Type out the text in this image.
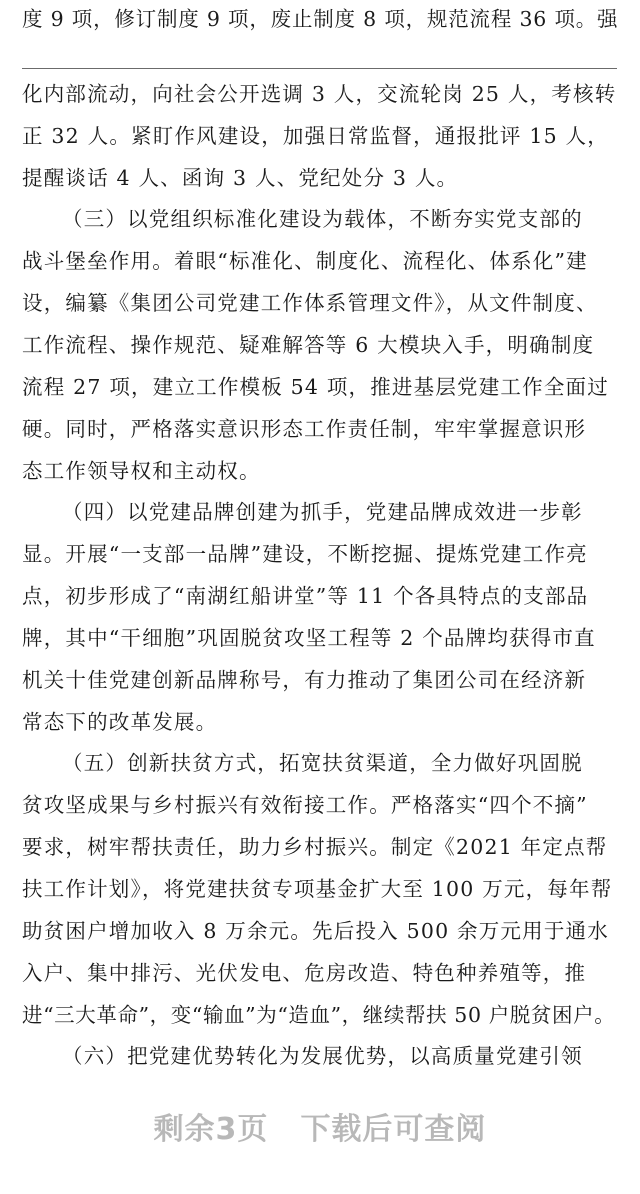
度 9 项，修订制度 9 项，废止制度 8 项，规范流程 36 项。强
化内部流动，向社会公开选调 3 人，交流轮岗 25 人，考核转
正 32 人。紧盯作风建设，加强日常监督，通报批评 15 人，
提醒谈话 4 人、函询 3 人、党纪处分 3 人。
（三）以党组织标准化建设为载体，不断夯实党支部的
战斗堡垒作用。着眼“标准化、制度化、流程化、体系化”建
设，编纂《集团公司党建工作体系管理文件》，从文件制度、
工作流程、操作规范、疑难解答等 6 大模块入手，明确制度
流程 27 项，建立工作模板 54 项，推进基层党建工作全面过
硬。同时，严格落实意识形态工作责任制，牢牢掌握意识形
态工作领导权和主动权。
（四）以党建品牌创建为抓手，党建品牌成效进一步彰
显。开展“一支部一品牌”建设，不断挖掘、提炼党建工作亮
点，初步形成了“南湖红船讲堂”等 11 个各具特点的支部品
牌，其中“干细胞”巩固脱贫攻坚工程等 2 个品牌均获得市直
机关十佳党建创新品牌称号，有力推动了集团公司在经济新
常态下的改革发展。
（五）创新扶贫方式，拓宽扶贫渠道，全力做好巩固脱
贫攻坚成果与乡村振兴有效衔接工作。严格落实“四个不摘”
要求，树牢帮扶责任，助力乡村振兴。制定《2021 年定点帮
扶工作计划》，将党建扶贫专项基金扩大至 100 万元，每年帮
助贫困户增加收入 8 万余元。先后投入 500 余万元用于通水
入户、集中排污、光伏发电、危房改造、特色种养殖等，推
进“三大革命”，变“输血”为“造血”，继续帮扶 50 户脱贫困户。
（六）把党建优势转化为发展优势，以高质量党建引领
剩余3页 下载后可查阅
